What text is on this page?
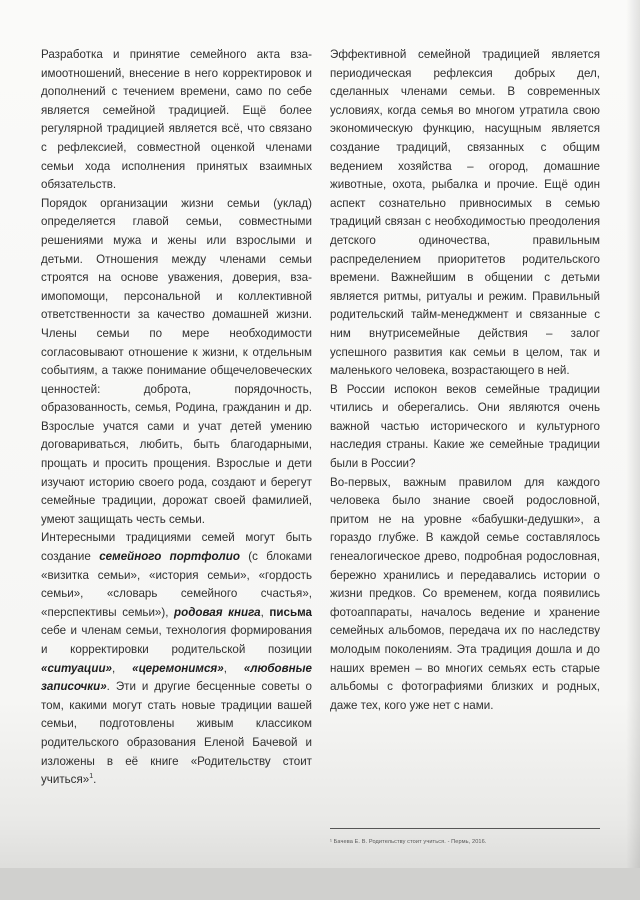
Разработка и принятие семейного акта взаимоотношений, внесение в него корректировок и дополнений с течением времени, само по себе является семейной традицией. Ещё более регулярной традицией является всё, что связано с рефлексией, совместной оценкой членами семьи хода исполнения принятых взаимных обязательств.

Порядок организации жизни семьи (уклад) определяется главой семьи, совместными решениями мужа и жены или взрослыми и детьми. Отношения между членами семьи строятся на основе уважения, доверия, взаимопомощи, персональной и коллективной ответственности за качество домашней жизни. Члены семьи по мере необходимости согласовывают отношение к жизни, к отдельным событиям, а также понимание общечеловеческих ценностей: доброта, порядочность, образованность, семья, Родина, гражданин и др. Взрослые учатся сами и учат детей умению договариваться, любить, быть благодарными, прощать и просить прощения. Взрослые и дети изучают историю своего рода, создают и берегут семейные традиции, дорожат своей фамилией, умеют защищать честь семьи.

Интересными традициями семей могут быть создание семейного портфолио (с блоками «визитка семьи», «история семьи», «гордость семьи», «словарь семейного счастья», «перспективы семьи»), родовая книга, письма себе и членам семьи, технология формирования и корректировки родительской позиции «ситуации», «церемонимся», «любовные записочки». Эти и другие бесценные советы о том, какими могут стать новые традиции вашей семьи, подготовлены живым классиком родительского образования Еленой Бачевой и изложены в её книге «Родительству стоит учиться»$^1$.

Эффективной семейной традицией является периодическая рефлексия добрых дел, сделанных членами семьи. В современных условиях, когда семья во многом утратила свою экономическую функцию, насущным является создание традиций, связанных с общим ведением хозяйства – огород, домашние животные, охота, рыбалка и прочие. Ещё один аспект сознательно привносимых в семью традиций связан с необходимостью преодоления детского одиночества, правильным распределением приоритетов родительского времени. Важнейшим в общении с детьми является ритмы, ритуалы и режим. Правильный родительский тайм-менеджмент и связанные с ним внутрисемейные действия – залог успешного развития как семьи в целом, так и маленького человека, возрастающего в ней.

В России испокон веков семейные традиции чтились и оберегались. Они являются очень важной частью исторического и культурного наследия страны. Какие же семейные традиции были в России?

Во-первых, важным правилом для каждого человека было знание своей родословной, притом не на уровне «бабушки-дедушки», а гораздо глубже. В каждой семье составлялось генеалогическое древо, подробная родословная, бережно хранились и передавались истории о жизни предков. Со временем, когда появились фотоаппараты, началось ведение и хранение семейных альбомов, передача их по наследству молодым поколениям. Эта традиция дошла и до наших времен – во многих семьях есть старые альбомы с фотографиями близких и родных, даже тех, кого уже нет с нами.

¹ Бачева Е. В. Родительству стоит учиться. - Пермь, 2016.
